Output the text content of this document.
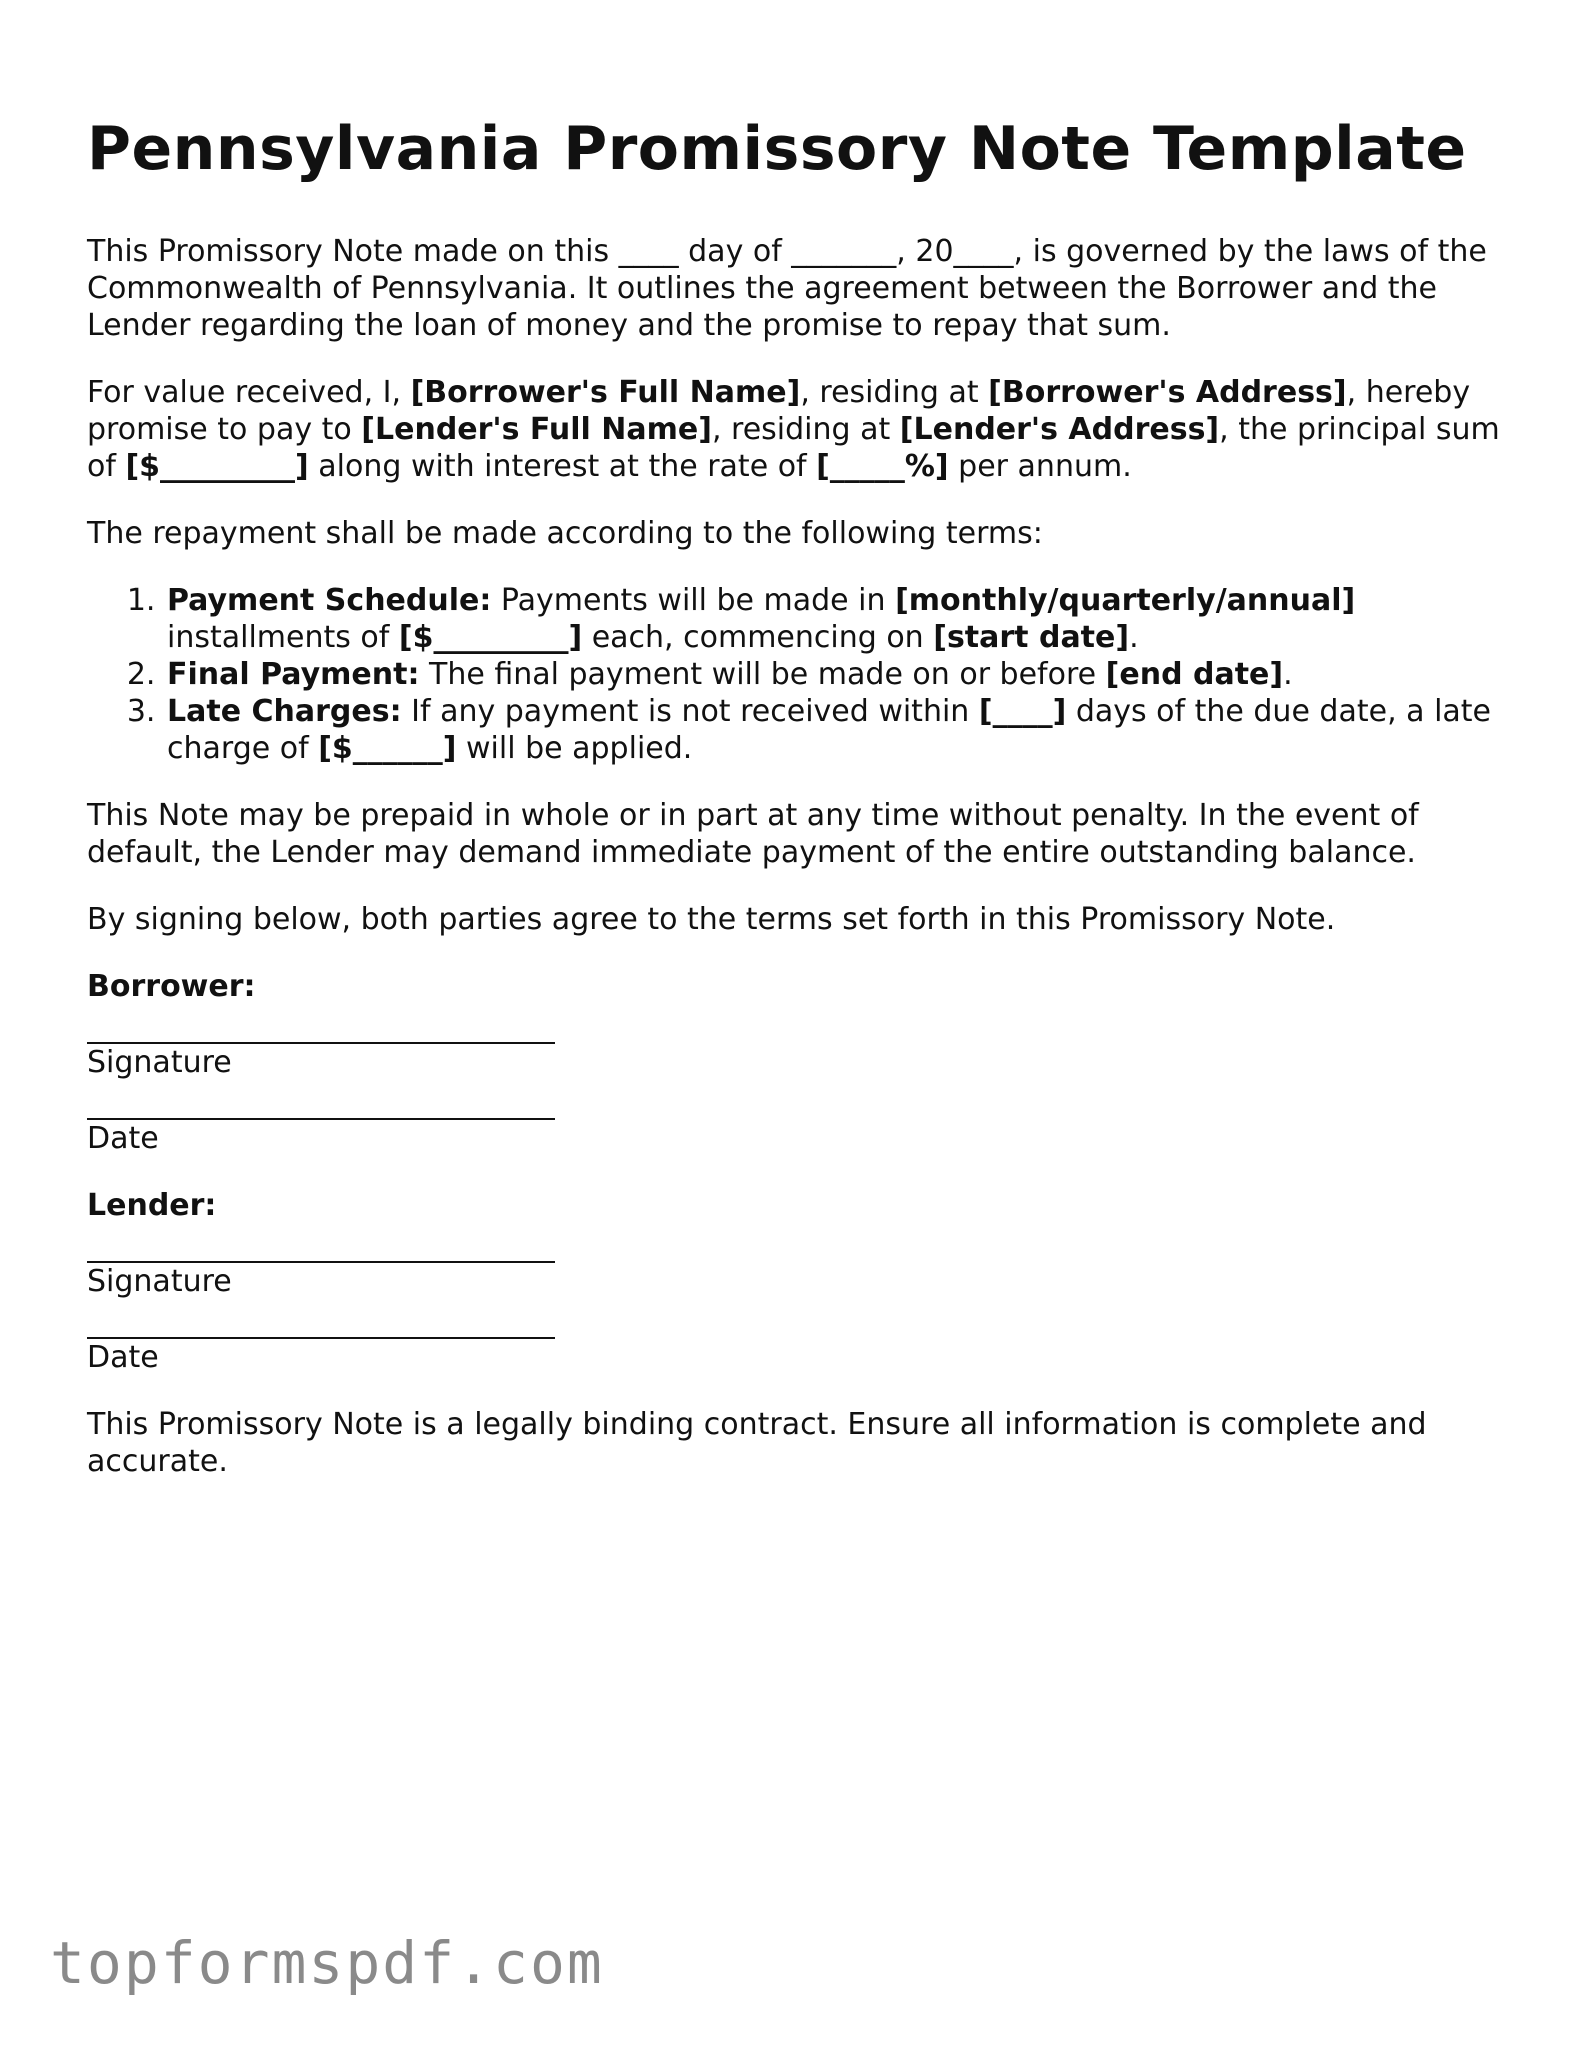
Pennsylvania Promissory Note Template

This Promissory Note made on this ____ day of _______, 20____, is governed by the laws of the Commonwealth of Pennsylvania. It outlines the agreement between the Borrower and the Lender regarding the loan of money and the promise to repay that sum.

For value received, I, [Borrower's Full Name], residing at [Borrower's Address], hereby promise to pay to [Lender's Full Name], residing at [Lender's Address], the principal sum of [$_________] along with interest at the rate of [_____%] per annum.

The repayment shall be made according to the following terms:

1. Payment Schedule: Payments will be made in [monthly/quarterly/annual] installments of [$_________] each, commencing on [start date].
2. Final Payment: The final payment will be made on or before [end date].
3. Late Charges: If any payment is not received within [____] days of the due date, a late charge of [$______] will be applied.

This Note may be prepaid in whole or in part at any time without penalty. In the event of default, the Lender may demand immediate payment of the entire outstanding balance.

By signing below, both parties agree to the terms set forth in this Promissory Note.

Borrower:
Signature
Date
Lender:
Signature
Date

This Promissory Note is a legally binding contract. Ensure all information is complete and accurate.

topformspdf.com
